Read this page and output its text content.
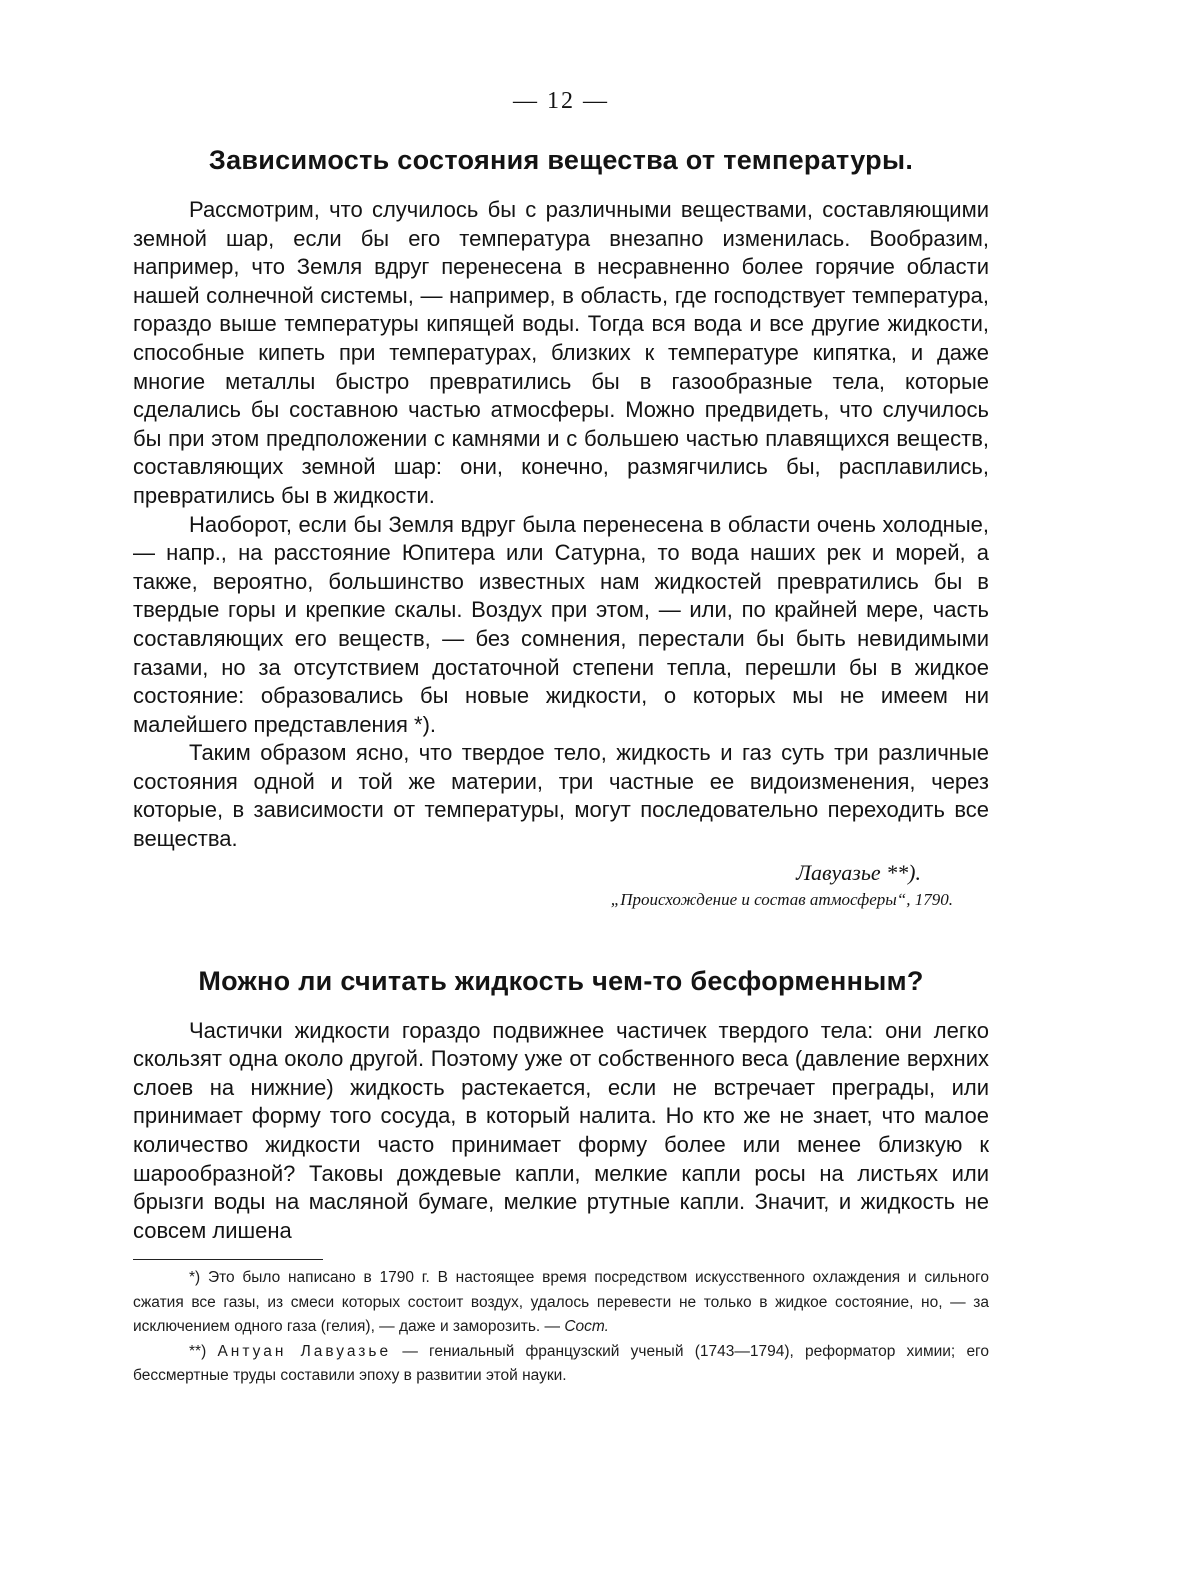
— 12 —
Зависимость состояния вещества от температуры.

Рассмотрим, что случилось бы с различными веществами, составляющими земной шар, если бы его температура внезапно изменилась. Вообразим, например, что Земля вдруг перенесена в несравненно более горячие области нашей солнечной системы, — например, в область, где господствует температура, гораздо выше температуры кипящей воды. Тогда вся вода и все другие жидкости, способные кипеть при температурах, близких к температуре кипятка, и даже многие металлы быстро превратились бы в газообразные тела, которые сделались бы составною частью атмосферы. Можно предвидеть, что случилось бы при этом предположении с камнями и с большею частью плавящихся веществ, составляющих земной шар: они, конечно, размягчились бы, расплавились, превратились бы в жидкости.

Наоборот, если бы Земля вдруг была перенесена в области очень холодные, — напр., на расстояние Юпитера или Сатурна, то вода наших рек и морей, а также, вероятно, большинство известных нам жидкостей превратились бы в твердые горы и крепкие скалы. Воздух при этом, — или, по крайней мере, часть составляющих его веществ, — без сомнения, перестали бы быть невидимыми газами, но за отсутствием достаточной степени тепла, перешли бы в жидкое состояние: образовались бы новые жидкости, о которых мы не имеем ни малейшего представления *).

Таким образом ясно, что твердое тело, жидкость и газ суть три различные состояния одной и той же материи, три частные ее видоизменения, через которые, в зависимости от температуры, могут последовательно переходить все вещества.

Лавуазье **).
„Происхождение и состав атмосферы“, 1790.
Можно ли считать жидкость чем-то бесформенным?

Частички жидкости гораздо подвижнее частичек твердого тела: они легко скользят одна около другой. Поэтому уже от собственного веса (давление верхних слоев на нижние) жидкость растекается, если не встречает преграды, или принимает форму того сосуда, в который налита. Но кто же не знает, что малое количество жидкости часто принимает форму более или менее близкую к шарообразной? Таковы дождевые капли, мелкие капли росы на листьях или брызги воды на масляной бумаге, мелкие ртутные капли. Значит, и жидкость не совсем лишена

*) Это было написано в 1790 г. В настоящее время посредством искусственного охлаждения и сильного сжатия все газы, из смеси которых состоит воздух, удалось перевести не только в жидкое состояние, но, — за исключением одного газа (гелия), — даже и заморозить. — Сост.

**) Антуан Лавуазье — гениальный французский ученый (1743—1794), реформатор химии; его бессмертные труды составили эпоху в развитии этой науки.
